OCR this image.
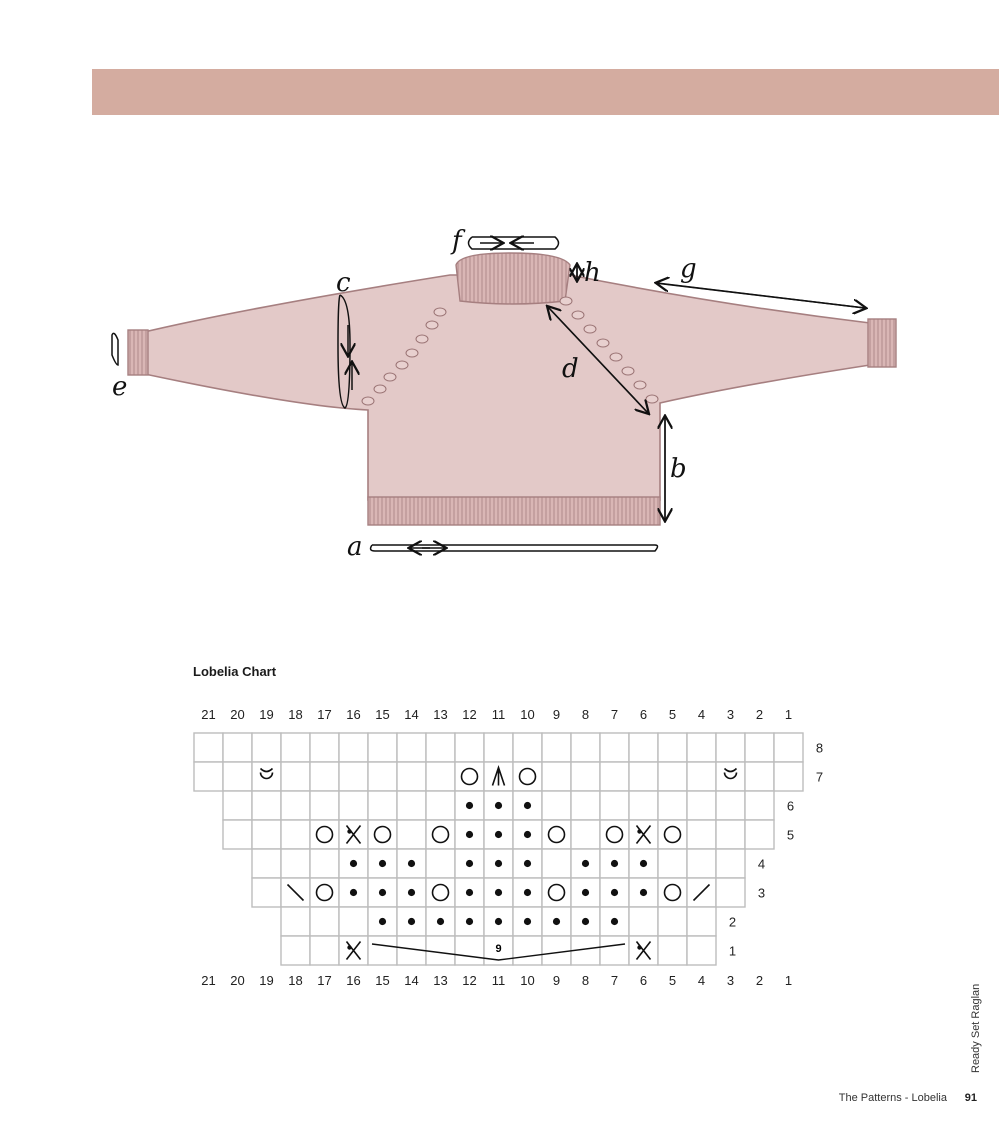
a
b
c
d
e
f
g
h
Lobelia Chart
21
21
20
20
19
19
18
18
17
17
16
16
15
15
14
14
13
13
12
12
11
11
10
10
9
9
8
8
7
7
6
6
5
5
4
4
3
3
2
2
1
1
8
7
6
5
4
3
2
1
9
Ready Set Raglan
The Patterns - Lobelia 91
